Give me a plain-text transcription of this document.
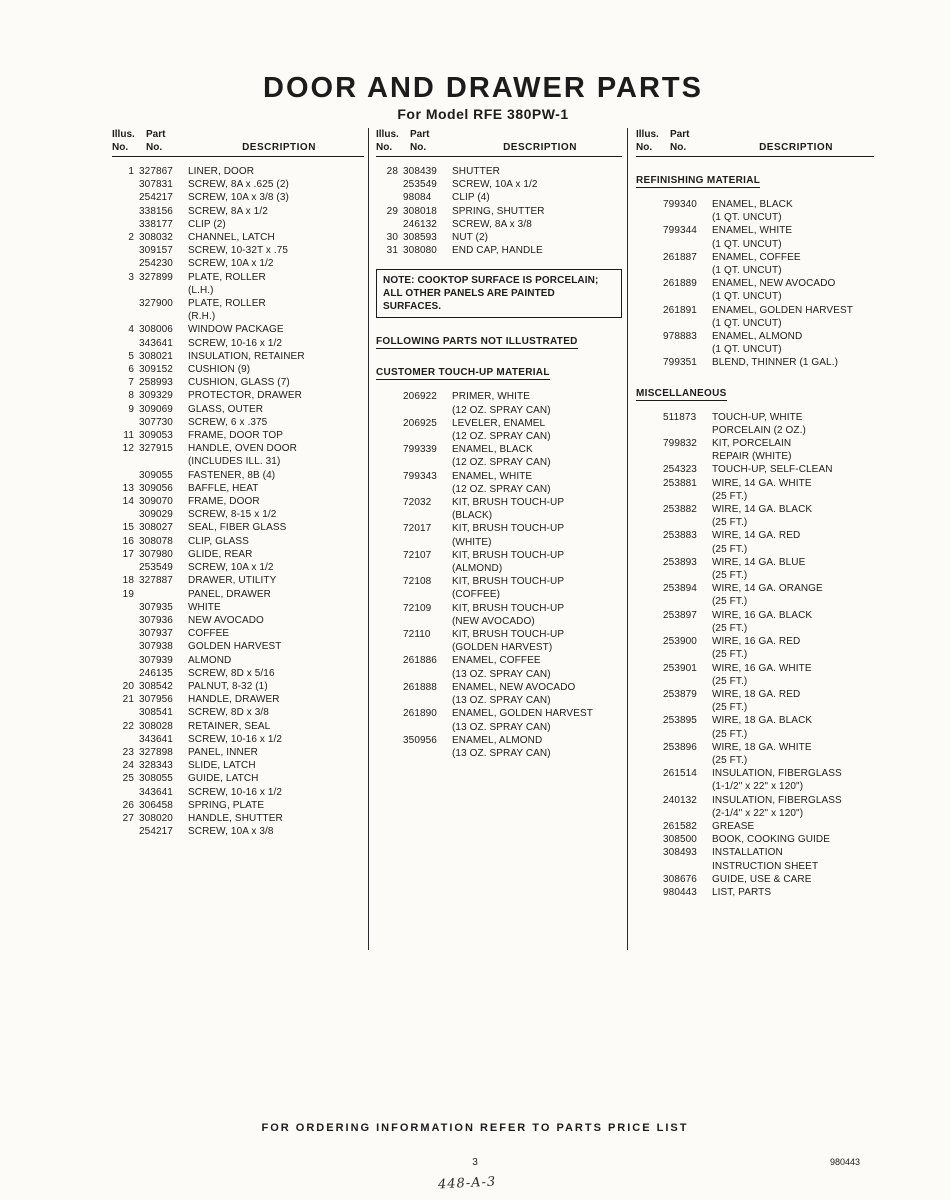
DOOR AND DRAWER PARTS
For Model RFE 380PW-1
Illus.	Part
No.	No.	DESCRIPTION
1 327867	LINER, DOOR
307831	SCREW, 8A x .625 (2)
254217	SCREW, 10A x 3/8 (3)
338156	SCREW, 8A x 1/2
338177	CLIP (2)
2 308032	CHANNEL, LATCH
309157	SCREW, 10-32T x .75
254230	SCREW, 10A x 1/2
3 327899	PLATE, ROLLER
(L.H.)
327900	PLATE, ROLLER
(R.H.)
4 308006	WINDOW PACKAGE
343641	SCREW, 10-16 x 1/2
5 308021	INSULATION, RETAINER
6 309152	CUSHION (9)
7 258993	CUSHION, GLASS (7)
8 309329	PROTECTOR, DRAWER
9 309069	GLASS, OUTER
307730	SCREW, 6 x .375
11 309053	FRAME, DOOR TOP
12 327915	HANDLE, OVEN DOOR
(INCLUDES ILL. 31)
309055	FASTENER, 8B (4)
13 309056	BAFFLE, HEAT
14 309070	FRAME, DOOR
309029	SCREW, 8-15 x 1/2
15 308027	SEAL, FIBER GLASS
16 308078	CLIP, GLASS
17 307980	GLIDE, REAR
253549	SCREW, 10A x 1/2
18 327887	DRAWER, UTILITY
19	PANEL, DRAWER
307935	WHITE
307936	NEW AVOCADO
307937	COFFEE
307938	GOLDEN HARVEST
307939	ALMOND
246135	SCREW, 8D x 5/16
20 308542	PALNUT, 8-32 (1)
21 307956	HANDLE, DRAWER
308541	SCREW, 8D x 3/8
22 308028	RETAINER, SEAL
343641	SCREW, 10-16 x 1/2
23 327898	PANEL, INNER
24 328343	SLIDE, LATCH
25 308055	GUIDE, LATCH
343641	SCREW, 10-16 x 1/2
26 306458	SPRING, PLATE
27 308020	HANDLE, SHUTTER
254217	SCREW, 10A x 3/8
Illus.	Part
No.	No.	DESCRIPTION
28 308439	SHUTTER
253549	SCREW, 10A x 1/2
98084	CLIP (4)
29 308018	SPRING, SHUTTER
246132	SCREW, 8A x 3/8
30 308593	NUT (2)
31 308080	END CAP, HANDLE
NOTE: COOKTOP SURFACE IS PORCELAIN;
ALL OTHER PANELS ARE PAINTED
SURFACES.
FOLLOWING PARTS NOT ILLUSTRATED
CUSTOMER TOUCH-UP MATERIAL
206922	PRIMER, WHITE
(12 OZ. SPRAY CAN)
206925	LEVELER, ENAMEL
(12 OZ. SPRAY CAN)
799339	ENAMEL, BLACK
(12 OZ. SPRAY CAN)
799343	ENAMEL, WHITE
(12 OZ. SPRAY CAN)
72032	KIT, BRUSH TOUCH-UP
(BLACK)
72017	KIT, BRUSH TOUCH-UP
(WHITE)
72107	KIT, BRUSH TOUCH-UP
(ALMOND)
72108	KIT, BRUSH TOUCH-UP
(COFFEE)
72109	KIT, BRUSH TOUCH-UP
(NEW AVOCADO)
72110	KIT, BRUSH TOUCH-UP
(GOLDEN HARVEST)
261886	ENAMEL, COFFEE
(13 OZ. SPRAY CAN)
261888	ENAMEL, NEW AVOCADO
(13 OZ. SPRAY CAN)
261890	ENAMEL, GOLDEN HARVEST
(13 OZ. SPRAY CAN)
350956	ENAMEL, ALMOND
(13 OZ. SPRAY CAN)
Illus.	Part
No.	No.	DESCRIPTION
REFINISHING MATERIAL
799340	ENAMEL, BLACK
(1 QT. UNCUT)
799344	ENAMEL, WHITE
(1 QT. UNCUT)
261887	ENAMEL, COFFEE
(1 QT. UNCUT)
261889	ENAMEL, NEW AVOCADO
(1 QT. UNCUT)
261891	ENAMEL, GOLDEN HARVEST
(1 QT. UNCUT)
978883	ENAMEL, ALMOND
(1 QT. UNCUT)
799351	BLEND, THINNER (1 GAL.)
MISCELLANEOUS
511873	TOUCH-UP, WHITE
PORCELAIN (2 OZ.)
799832	KIT, PORCELAIN
REPAIR (WHITE)
254323	TOUCH-UP, SELF-CLEAN
253881	WIRE, 14 GA. WHITE
(25 FT.)
253882	WIRE, 14 GA. BLACK
(25 FT.)
253883	WIRE, 14 GA. RED
(25 FT.)
253893	WIRE, 14 GA. BLUE
(25 FT.)
253894	WIRE, 14 GA. ORANGE
(25 FT.)
253897	WIRE, 16 GA. BLACK
(25 FT.)
253900	WIRE, 16 GA. RED
(25 FT.)
253901	WIRE, 16 GA. WHITE
(25 FT.)
253879	WIRE, 18 GA. RED
(25 FT.)
253895	WIRE, 18 GA. BLACK
(25 FT.)
253896	WIRE, 18 GA. WHITE
(25 FT.)
261514	INSULATION, FIBERGLASS
(1-1/2" x 22" x 120")
240132	INSULATION, FIBERGLASS
(2-1/4" x 22" x 120")
261582	GREASE
308500	BOOK, COOKING GUIDE
308493	INSTALLATION
INSTRUCTION SHEET
308676	GUIDE, USE & CARE
980443	LIST, PARTS
FOR ORDERING INFORMATION REFER TO PARTS PRICE LIST
3	980443
448-A-3
